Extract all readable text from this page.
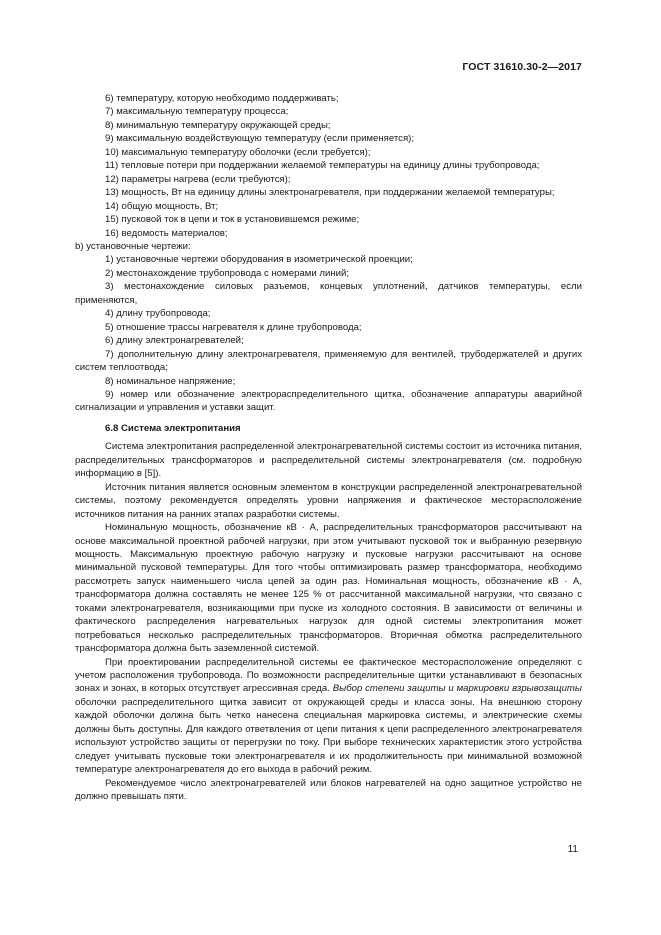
ГОСТ 31610.30-2—2017

6) температуру, которую необходимо поддерживать;

7) максимальную температуру процесса;

8) минимальную температуру окружающей среды;

9) максимальную воздействующую температуру (если применяется);

10) максимальную температуру оболочки (если требуется);

11) тепловые потери при поддержании желаемой температуры на единицу длины трубопровода;

12) параметры нагрева (если требуются);

13) мощность, Вт на единицу длины электронагревателя, при поддержании желаемой температуры;

14) общую мощность, Вт;

15) пусковой ток в цепи и ток в установившемся режиме;

16) ведомость материалов;

b) установочные чертежи:

1) установочные чертежи оборудования в изометрической проекции;

2) местонахождение трубопровода с номерами линий;

3) местонахождение силовых разъемов, концевых уплотнений, датчиков температуры, если применяются,

4) длину трубопровода;

5) отношение трассы нагревателя к длине трубопровода;

6) длину электронагревателей;

7) дополнительную длину электронагревателя, применяемую для вентилей, трубодержателей и других систем теплоотвода;

8) номинальное напряжение;

9) номер или обозначение электрораспределительного щитка, обозначение аппаратуры аварийной сигнализации и управления и уставки защит.

6.8 Система электропитания

Система электропитания распределенной электронагревательной системы состоит из источника питания, распределительных трансформаторов и распределительной системы электронагревателя (см. подробную информацию в [5]).

Источник питания является основным элементом в конструкции распределенной электронагревательной системы, поэтому рекомендуется определять уровни напряжения и фактическое месторасположение источников питания на ранних этапах разработки системы.

Номинальную мощность, обозначение кВ · А, распределительных трансформаторов рассчитывают на основе максимальной проектной рабочей нагрузки, при этом учитывают пусковой ток и выбранную резервную мощность. Максимальную проектную рабочую нагрузку и пусковые нагрузки рассчитывают на основе минимальной пусковой температуры. Для того чтобы оптимизировать размер трансформатора, необходимо рассмотреть запуск наименьшего числа цепей за один раз. Номинальная мощность, обозначение кВ · А, трансформатора должна составлять не менее 125 % от рассчитанной максимальной нагрузки, что связано с токами электронагревателя, возникающими при пуске из холодного состояния. В зависимости от величины и фактического распределения нагревательных нагрузок для одной системы электропитания может потребоваться несколько распределительных трансформаторов. Вторичная обмотка распределительного трансформатора должна быть заземленной системой.

При проектировании распределительной системы ее фактическое месторасположение определяют с учетом расположения трубопровода. По возможности распределительные щитки устанавливают в безопасных зонах и зонах, в которых отсутствует агрессивная среда. Выбор степени защиты и маркировки взрывозащиты оболочки распределительного щитка зависит от окружающей среды и класса зоны. На внешнюю сторону каждой оболочки должна быть четко нанесена специальная маркировка системы, и электрические схемы должны быть доступны. Для каждого ответвления от цепи питания к цепи распределенного электронагревателя используют устройство защиты от перегрузки по току. При выборе технических характеристик этого устройства следует учитывать пусковые токи электронагревателя и их продолжительность при минимальной возможной температуре электронагревателя до его выхода в рабочий режим.

Рекомендуемое число электронагревателей или блоков нагревателей на одно защитное устройство не должно превышать пяти.

11
